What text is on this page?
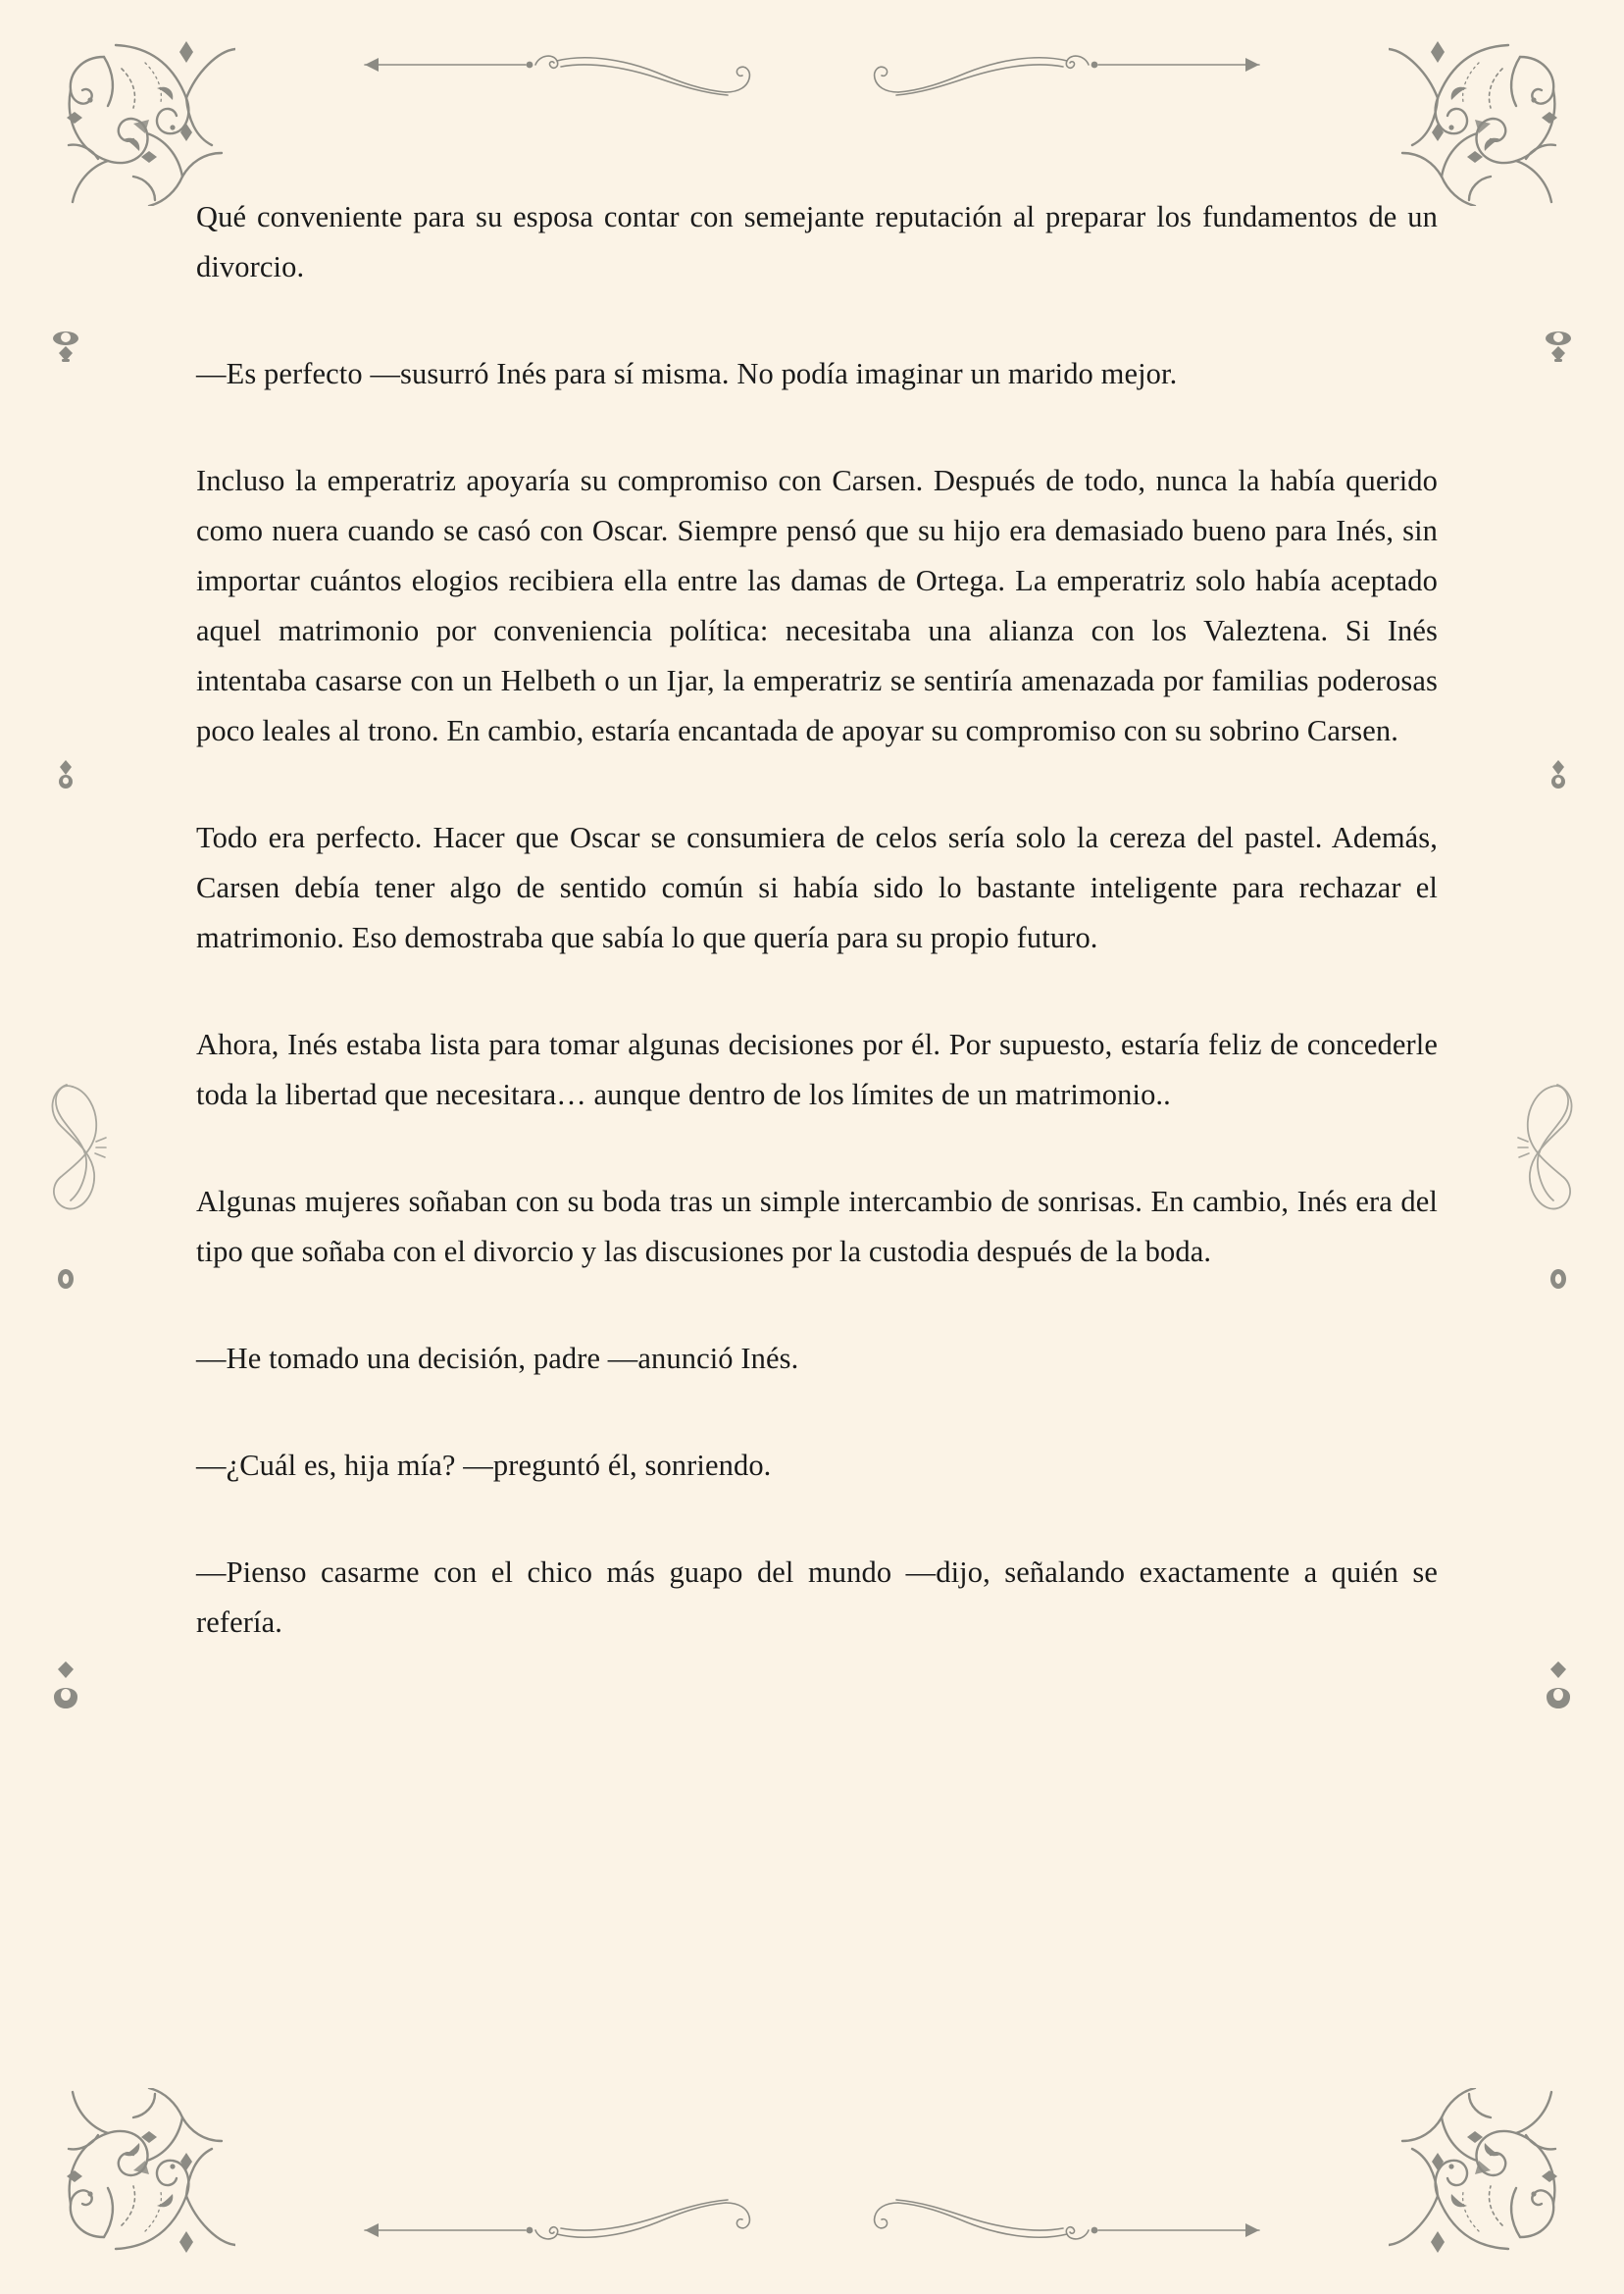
Qué conveniente para su esposa contar con semejante reputación al preparar los fundamentos de un divorcio.

—Es perfecto —susurró Inés para sí misma. No podía imaginar un marido mejor.

Incluso la emperatriz apoyaría su compromiso con Carsen. Después de todo, nunca la había querido como nuera cuando se casó con Oscar. Siempre pensó que su hijo era demasiado bueno para Inés, sin importar cuántos elogios recibiera ella entre las damas de Ortega. La emperatriz solo había aceptado aquel matrimonio por conveniencia política: necesitaba una alianza con los Valeztena. Si Inés intentaba casarse con un Helbeth o un Ijar, la emperatriz se sentiría amenazada por familias poderosas poco leales al trono. En cambio, estaría encantada de apoyar su compromiso con su sobrino Carsen.

Todo era perfecto. Hacer que Oscar se consumiera de celos sería solo la cereza del pastel. Además, Carsen debía tener algo de sentido común si había sido lo bastante inteligente para rechazar el matrimonio. Eso demostraba que sabía lo que quería para su propio futuro.

Ahora, Inés estaba lista para tomar algunas decisiones por él. Por supuesto, estaría feliz de concederle toda la libertad que necesitara… aunque dentro de los límites de un matrimonio..

Algunas mujeres soñaban con su boda tras un simple intercambio de sonrisas. En cambio, Inés era del tipo que soñaba con el divorcio y las discusiones por la custodia después de la boda.

—He tomado una decisión, padre —anunció Inés.

—¿Cuál es, hija mía? —preguntó él, sonriendo.

—Pienso casarme con el chico más guapo del mundo —dijo, señalando exactamente a quién se refería.
